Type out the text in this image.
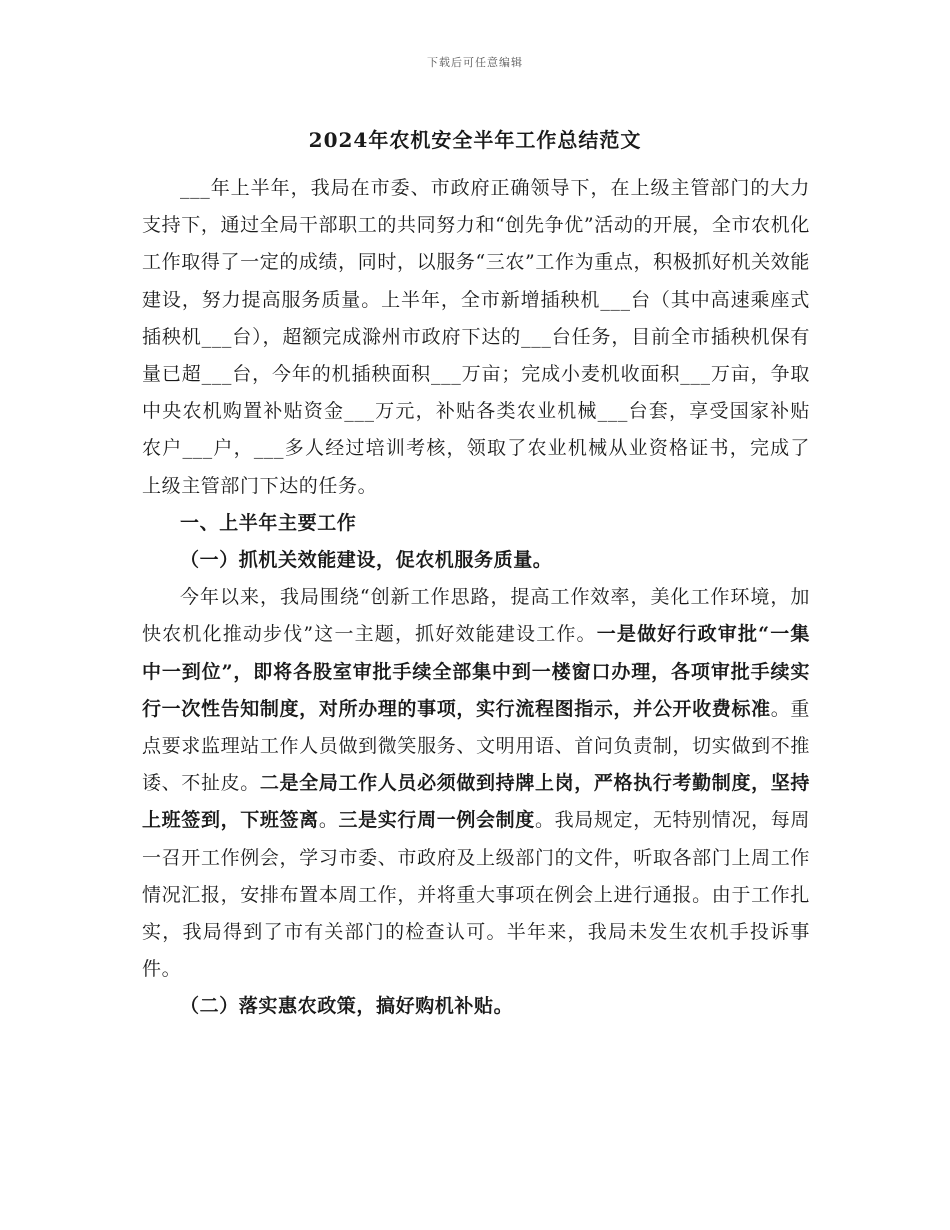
下载后可任意编辑
2024年农机安全半年工作总结范文

___年上半年，我局在市委、市政府正确领导下，在上级主管部门的大力支持下，通过全局干部职工的共同努力和“创先争优”活动的开展，全市农机化工作取得了一定的成绩，同时，以服务“三农”工作为重点，积极抓好机关效能建设，努力提高服务质量。上半年，全市新增插秧机___台（其中高速乘座式插秧机___台），超额完成滁州市政府下达的___台任务，目前全市插秧机保有量已超___台，今年的机插秧面积___万亩；完成小麦机收面积___万亩，争取中央农机购置补贴资金___万元，补贴各类农业机械___台套，享受国家补贴农户___户，___多人经过培训考核，领取了农业机械从业资格证书，完成了上级主管部门下达的任务。

一、上半年主要工作

（一）抓机关效能建设，促农机服务质量。

今年以来，我局围绕“创新工作思路，提高工作效率，美化工作环境，加快农机化推动步伐”这一主题，抓好效能建设工作。一是做好行政审批“一集中一到位”，即将各股室审批手续全部集中到一楼窗口办理，各项审批手续实行一次性告知制度，对所办理的事项，实行流程图指示，并公开收费标准。重点要求监理站工作人员做到微笑服务、文明用语、首问负责制，切实做到不推诿、不扯皮。二是全局工作人员必须做到持牌上岗，严格执行考勤制度，坚持上班签到，下班签离。三是实行周一例会制度。我局规定，无特别情况，每周一召开工作例会，学习市委、市政府及上级部门的文件，听取各部门上周工作情况汇报，安排布置本周工作，并将重大事项在例会上进行通报。由于工作扎实，我局得到了市有关部门的检查认可。半年来，我局未发生农机手投诉事件。

（二）落实惠农政策，搞好购机补贴。
